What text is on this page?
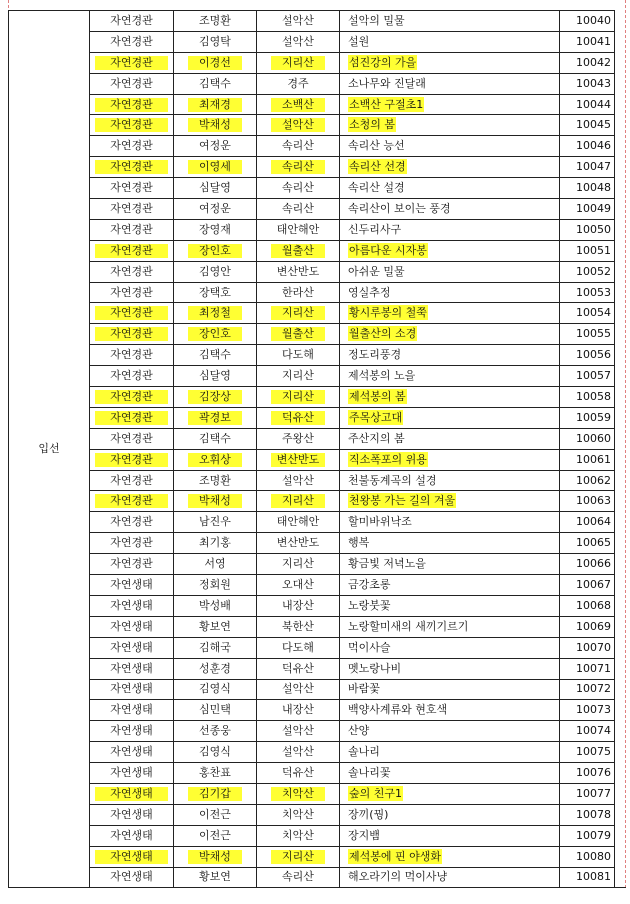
입선	자연경관	조명환	설악산	설악의 밀물	10040
	자연경관	김영탁	설악산	설원	10041

	자연경관	이경선	지리산	섬진강의 가을	10042
	자연경관	김택수	경주	소나무와 진달래	10043

	자연경관	최재경	소백산	소백산 구절초1	10044

	자연경관	박채성	설악산	소청의 봄	10045
	자연경관	여정운	속리산	속리산 능선	10046

	자연경관	이영세	속리산	속리산 선경	10047
	자연경관	심달영	속리산	속리산 설경	10048
	자연경관	여정운	속리산	속리산이 보이는 풍경	10049
	자연경관	장영재	태안해안	신두리사구	10050

	자연경관	장인호	월출산	아름다운 시자봉	10051
	자연경관	김영안	변산반도	아쉬운 밀물	10052
	자연경관	장택호	한라산	영실추정	10053

	자연경관	최정철	지리산	황시루봉의 철쭉	10054

	자연경관	장인호	월출산	월출산의 소경	10055
	자연경관	김택수	다도해	정도리풍경	10056
	자연경관	심달영	지리산	제석봉의 노을	10057

	자연경관	김장상	지리산	제석봉의 봄	10058

	자연경관	곽경보	덕유산	주목상고대	10059
	자연경관	김택수	주왕산	주산지의 봄	10060

	자연경관	오휘상	변산반도	직소폭포의 위용	10061
	자연경관	조명환	설악산	천불동계곡의 설경	10062

	자연경관	박채성	지리산	천왕봉 가는 길의 겨울	10063
	자연경관	남진우	태안해안	할미바위낙조	10064
	자연경관	최기홍	변산반도	행복	10065
	자연경관	서영	지리산	황금빛 저녁노을	10066
	자연생태	정회원	오대산	금강초롱	10067
	자연생태	박성배	내장산	노랑붓꽃	10068
	자연생태	황보연	북한산	노랑할미새의 새끼기르기	10069
	자연생태	김해국	다도해	먹이사슬	10070
	자연생태	성훈경	덕유산	멧노랑나비	10071
	자연생태	김영식	설악산	바람꽃	10072
	자연생태	심민택	내장산	백양사계류와 현호색	10073
	자연생태	선종웅	설악산	산양	10074
	자연생태	김영식	설악산	솔나리	10075
	자연생태	홍찬표	덕유산	솔나리꽃	10076

	자연생태	김기갑	치악산	숲의 친구1	10077
	자연생태	이전근	치악산	장끼(꿩)	10078
	자연생태	이전근	치악산	장지뱀	10079

	자연생태	박채성	지리산	제석봉에 핀 야생화	10080
	자연생태	황보연	속리산	해오라기의 먹이사냥	10081
